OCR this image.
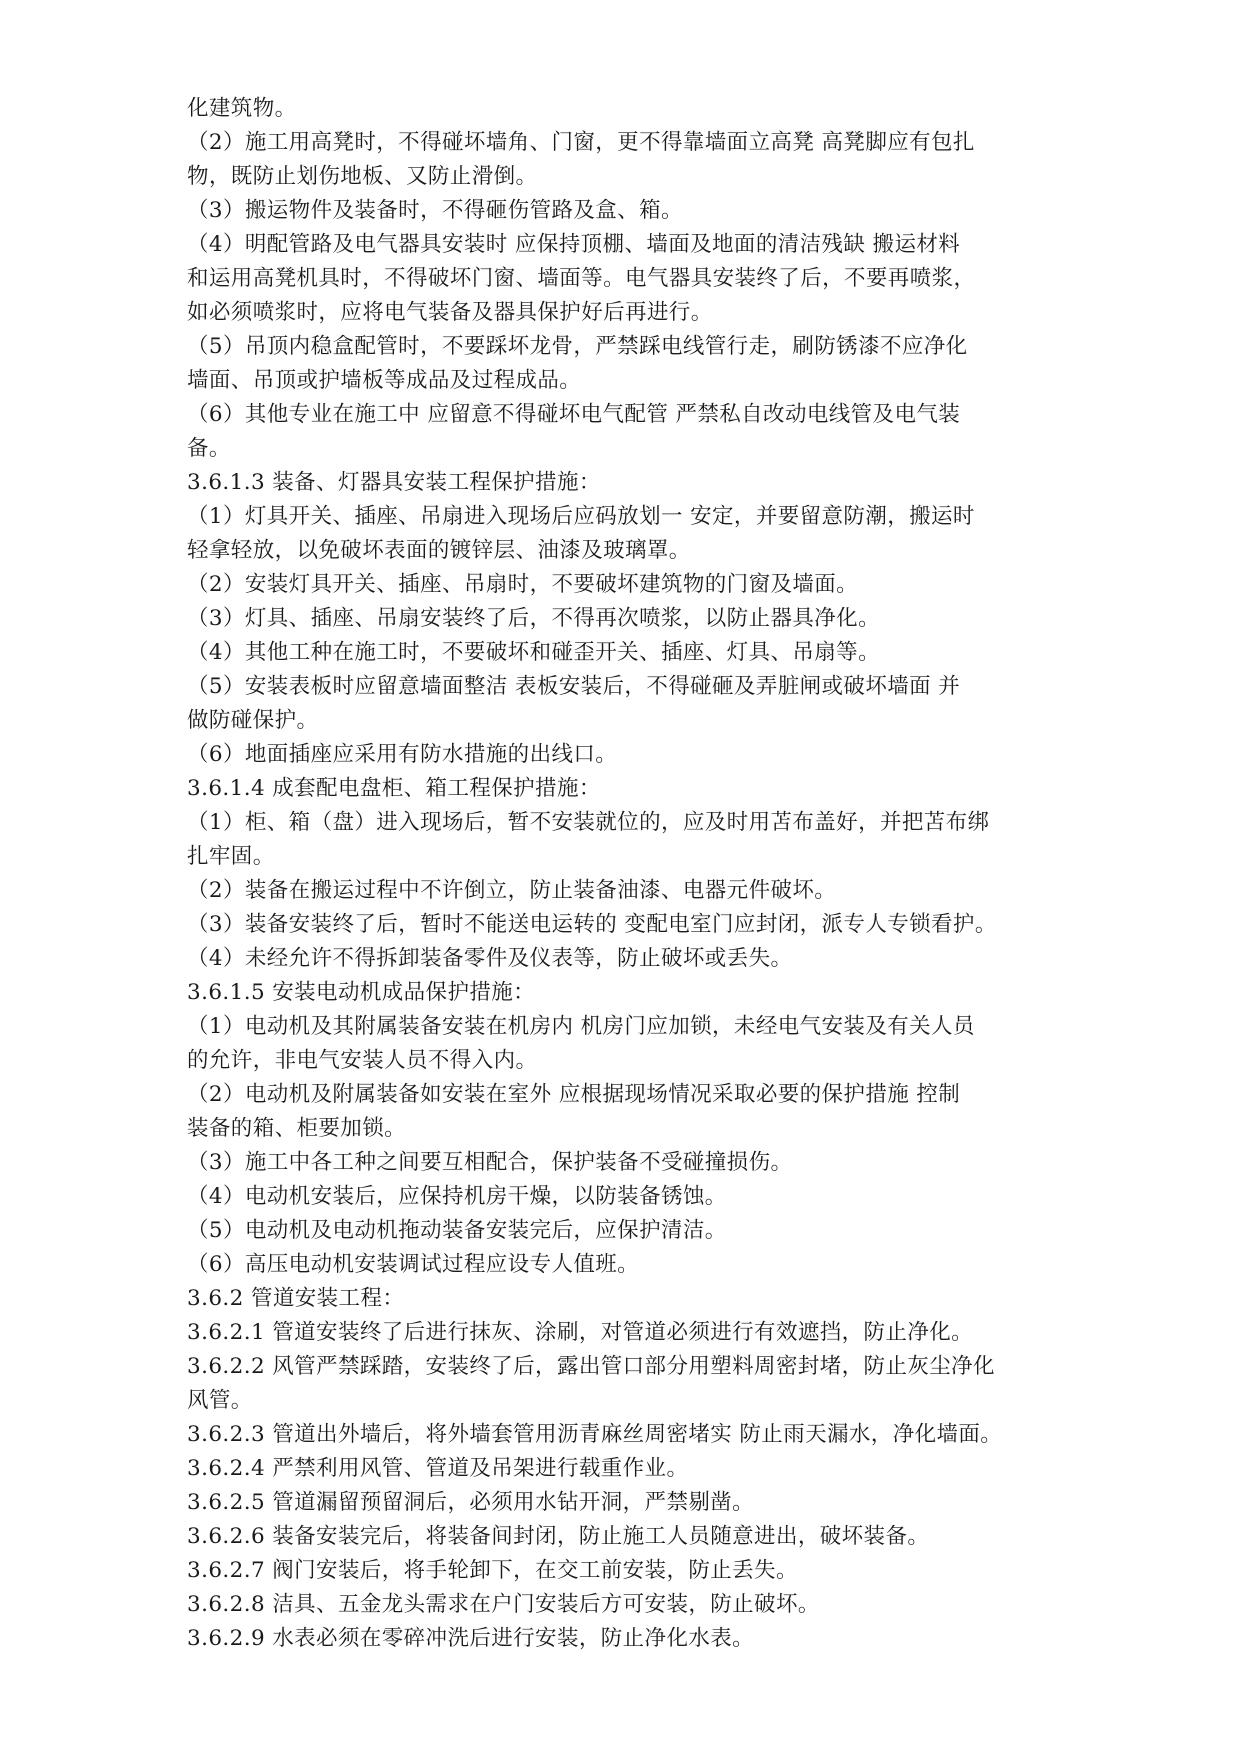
化建筑物。
（2）施工用高凳时，不得碰坏墙角、门窗，更不得靠墙面立高凳 高凳脚应有包扎
物，既防止划伤地板、又防止滑倒。
（3）搬运物件及装备时，不得砸伤管路及盒、箱。
（4）明配管路及电气器具安装时 应保持顶棚、墙面及地面的清洁残缺 搬运材料
和运用高凳机具时，不得破坏门窗、墙面等。电气器具安装终了后，不要再喷浆，
如必须喷浆时，应将电气装备及器具保护好后再进行。
（5）吊顶内稳盒配管时，不要踩坏龙骨，严禁踩电线管行走，刷防锈漆不应净化
墙面、吊顶或护墙板等成品及过程成品。
（6）其他专业在施工中 应留意不得碰坏电气配管 严禁私自改动电线管及电气装
备。
3.6.1.3 装备、灯器具安装工程保护措施：
（1）灯具开关、插座、吊扇进入现场后应码放划一 安定，并要留意防潮，搬运时
轻拿轻放，以免破坏表面的镀锌层、油漆及玻璃罩。
（2）安装灯具开关、插座、吊扇时，不要破坏建筑物的门窗及墙面。
（3）灯具、插座、吊扇安装终了后，不得再次喷浆，以防止器具净化。
（4）其他工种在施工时，不要破坏和碰歪开关、插座、灯具、吊扇等。
（5）安装表板时应留意墙面整洁 表板安装后，不得碰砸及弄脏闸或破坏墙面 并
做防碰保护。
（6）地面插座应采用有防水措施的出线口。
3.6.1.4 成套配电盘柜、箱工程保护措施：
（1）柜、箱（盘）进入现场后，暂不安装就位的，应及时用苫布盖好，并把苫布绑
扎牢固。
（2）装备在搬运过程中不许倒立，防止装备油漆、电器元件破坏。
（3）装备安装终了后，暂时不能送电运转的 变配电室门应封闭，派专人专锁看护。
（4）未经允许不得拆卸装备零件及仪表等，防止破坏或丢失。
3.6.1.5 安装电动机成品保护措施：
（1）电动机及其附属装备安装在机房内 机房门应加锁，未经电气安装及有关人员
的允许，非电气安装人员不得入内。
（2）电动机及附属装备如安装在室外 应根据现场情况采取必要的保护措施 控制
装备的箱、柜要加锁。
（3）施工中各工种之间要互相配合，保护装备不受碰撞损伤。
（4）电动机安装后，应保持机房干燥，以防装备锈蚀。
（5）电动机及电动机拖动装备安装完后，应保护清洁。
（6）高压电动机安装调试过程应设专人值班。
3.6.2 管道安装工程：
3.6.2.1 管道安装终了后进行抹灰、涂刷，对管道必须进行有效遮挡，防止净化。
3.6.2.2 风管严禁踩踏，安装终了后，露出管口部分用塑料周密封堵，防止灰尘净化
风管。
3.6.2.3 管道出外墙后，将外墙套管用沥青麻丝周密堵实 防止雨天漏水，净化墙面。
3.6.2.4 严禁利用风管、管道及吊架进行载重作业。
3.6.2.5 管道漏留预留洞后，必须用水钻开洞，严禁剔凿。
3.6.2.6 装备安装完后，将装备间封闭，防止施工人员随意进出，破坏装备。
3.6.2.7 阀门安装后，将手轮卸下，在交工前安装，防止丢失。
3.6.2.8 洁具、五金龙头需求在户门安装后方可安装，防止破坏。
3.6.2.9 水表必须在零碎冲洗后进行安装，防止净化水表。
